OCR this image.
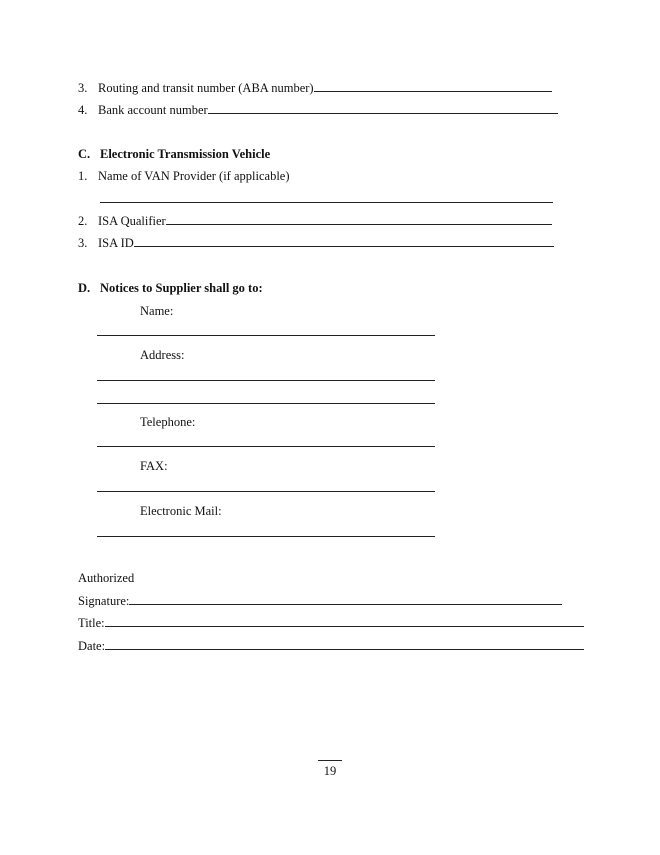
3. Routing and transit number (ABA number)
4. Bank account number
C. Electronic Transmission Vehicle
1. Name of VAN Provider (if applicable)
2. ISA Qualifier
3. ISA ID
D. Notices to Supplier shall go to:
Name:
Address:
Telephone:
FAX:
Electronic Mail:
Authorized
Signature:
Title:
Date:
19
